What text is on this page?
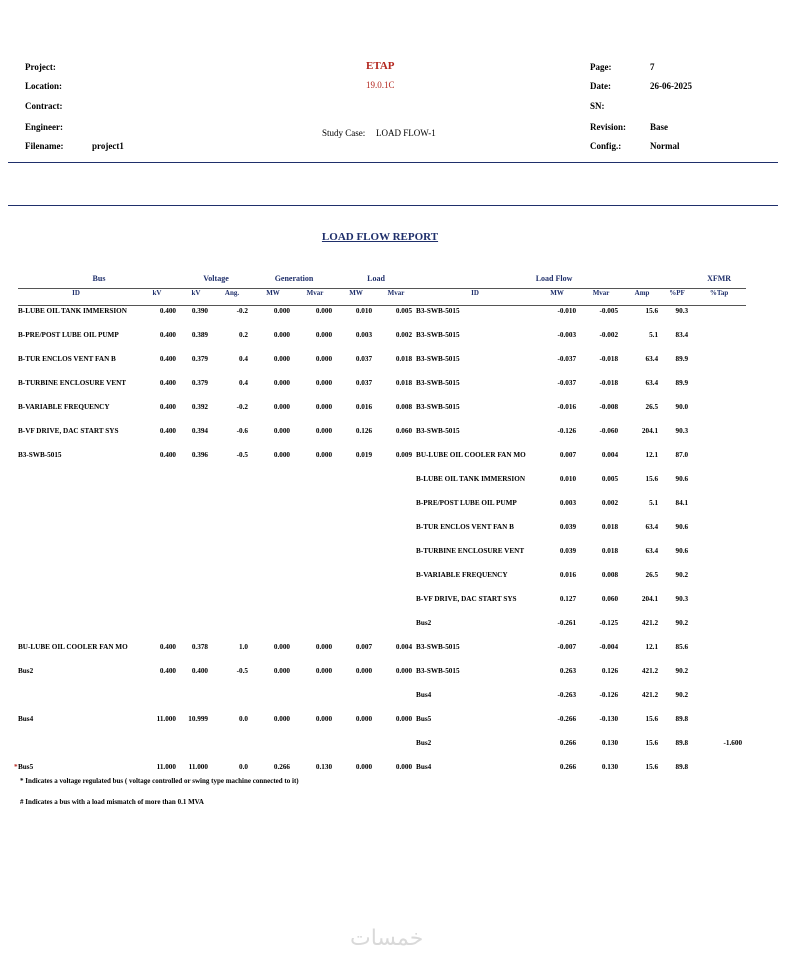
Project:
Location:
Contract:
Engineer:
Filename:	project1
ETAP
19.0.1C
Study Case: LOAD FLOW-1
Page:	7
Date:	26-06-2025
SN:
Revision:	Base
Config.:	Normal
LOAD FLOW REPORT
Bus		Voltage		Generation		Load		Load Flow					XFMR
ID	kV	kV	Ang.	MW	Mvar	MW	Mvar	ID	MW	Mvar	Amp	%PF	%Tap
B-LUBE OIL TANK IMMERSION	0.400	0.390	-0.2	0.000	0.000	0.010	0.005	B3-SWB-5015	-0.010	-0.005	15.6	90.3	
B-PRE/POST LUBE OIL PUMP	0.400	0.389	0.2	0.000	0.000	0.003	0.002	B3-SWB-5015	-0.003	-0.002	5.1	83.4	
B-TUR ENCLOS VENT FAN B	0.400	0.379	0.4	0.000	0.000	0.037	0.018	B3-SWB-5015	-0.037	-0.018	63.4	89.9	
B-TURBINE ENCLOSURE VENT	0.400	0.379	0.4	0.000	0.000	0.037	0.018	B3-SWB-5015	-0.037	-0.018	63.4	89.9	
B-VARIABLE FREQUENCY	0.400	0.392	-0.2	0.000	0.000	0.016	0.008	B3-SWB-5015	-0.016	-0.008	26.5	90.0	
B-VF DRIVE, DAC START SYS	0.400	0.394	-0.6	0.000	0.000	0.126	0.060	B3-SWB-5015	-0.126	-0.060	204.1	90.3	
B3-SWB-5015	0.400	0.396	-0.5	0.000	0.000	0.019	0.009	BU-LUBE OIL COOLER FAN MO	0.007	0.004	12.1	87.0	
								B-LUBE OIL TANK IMMERSION	0.010	0.005	15.6	90.6	
								B-PRE/POST LUBE OIL PUMP	0.003	0.002	5.1	84.1	
								B-TUR ENCLOS VENT FAN B	0.039	0.018	63.4	90.6	
								B-TURBINE ENCLOSURE VENT	0.039	0.018	63.4	90.6	
								B-VARIABLE FREQUENCY	0.016	0.008	26.5	90.2	
								B-VF DRIVE, DAC START SYS	0.127	0.060	204.1	90.3	
								Bus2	-0.261	-0.125	421.2	90.2	
BU-LUBE OIL COOLER FAN MO	0.400	0.378	1.0	0.000	0.000	0.007	0.004	B3-SWB-5015	-0.007	-0.004	12.1	85.6	
Bus2	0.400	0.400	-0.5	0.000	0.000	0.000	0.000	B3-SWB-5015	0.263	0.126	421.2	90.2	
								Bus4	-0.263	-0.126	421.2	90.2	
Bus4	11.000	10.999	0.0	0.000	0.000	0.000	0.000	Bus5	-0.266	-0.130	15.6	89.8	
								Bus2	0.266	0.130	15.6	89.8	-1.600

* Bus5	11.000	11.000	0.0	0.266	0.130	0.000	0.000	Bus4	0.266	0.130	15.6	89.8	
* Indicates a voltage regulated bus ( voltage controlled or swing type machine connected to it)
# Indicates a bus with a load mismatch of more than 0.1 MVA
خمسات
